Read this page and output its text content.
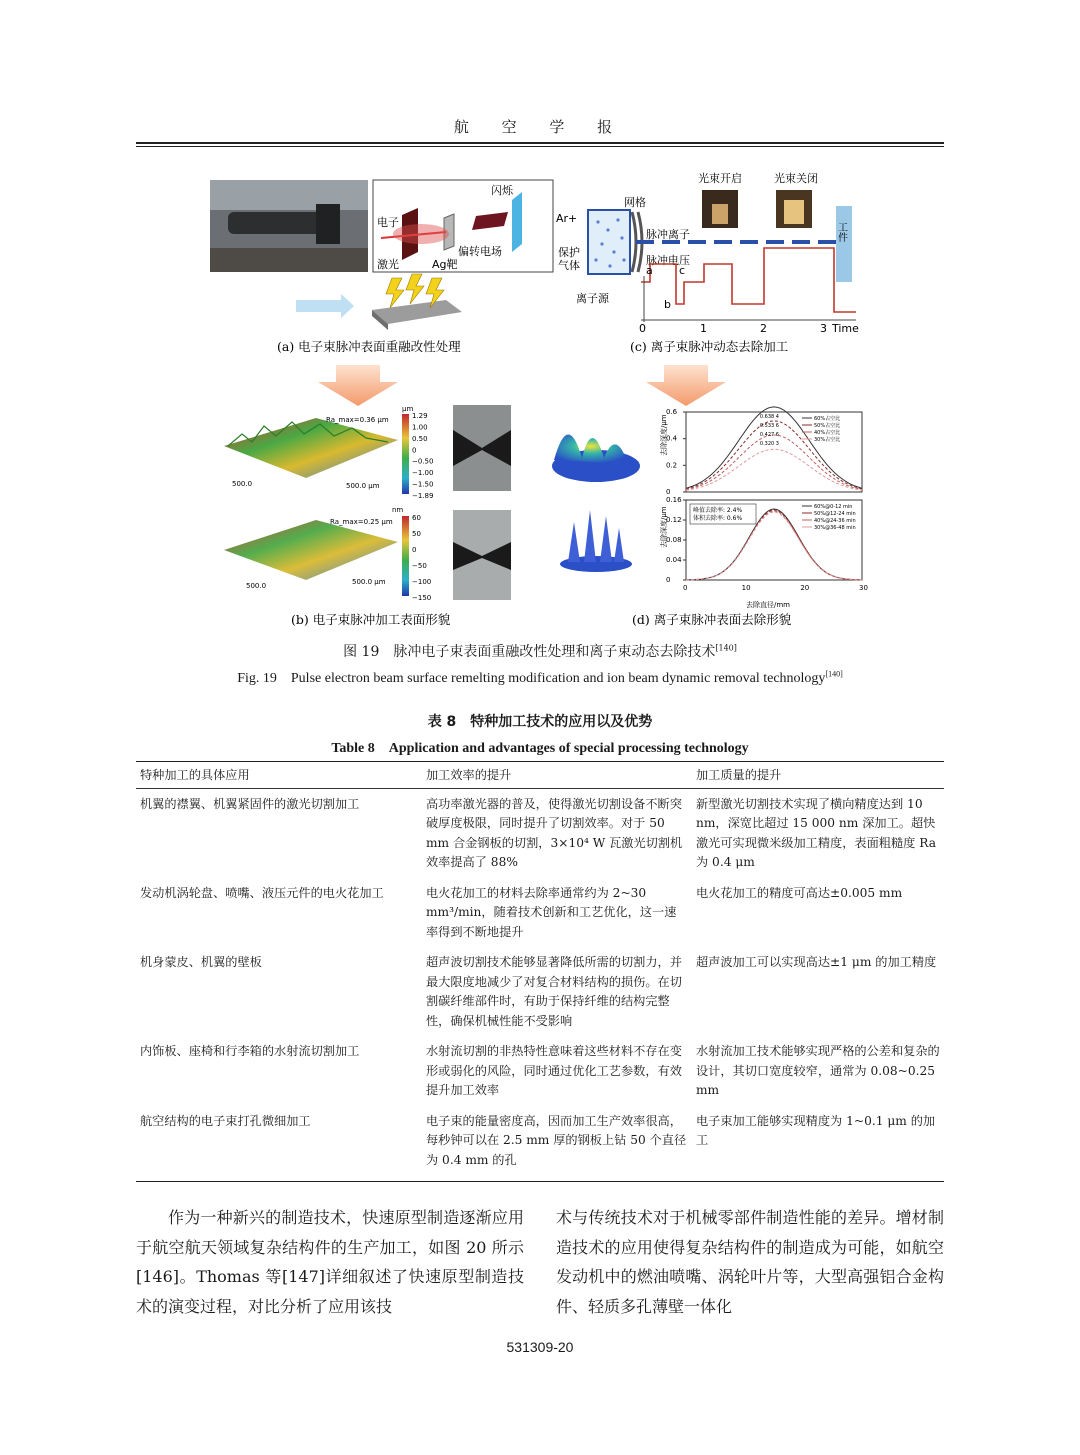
航 空 学 报
闪烁
电子
激光	Ag靶
偏转电场
(a) 电子束脉冲表面重融改性处理
光束开启	光束关闭
Ar+
网格
保护
气体
脉冲离子
脉冲电压
离子源
工件
a
b
c
0	1	2	3 Time
(c) 离子束脉冲动态去除加工
Ra_max=0.36 μm
500.0	500.0 μm
1.29
1.00
0.50
0
−0.50
−1.00
−1.50
−1.89
μm
Ra_max=0.25 μm
500.0	500.0 μm
60
50
0
−50
−100
−150
nm
(b) 电子束脉冲加工表面形貌
0
0.2
0.4
0.6
60%占空比
50%占空比
40%占空比
30%占空比
0.638 4
0.533 6
0.427 6
0.320 3
去除深度/μm
0
0.04
0.08
0.12
0.16
0	10	20	30
60%@0-12 min
50%@12-24 min
40%@24-36 min
30%@36-48 min
峰值去除率: 2.4%
体积去除率: 0.6%
去除深度/μm
去除直径/mm
(d) 离子束脉冲表面去除形貌
图 19　脉冲电子束表面重融改性处理和离子束动态去除技术[140]
Fig. 19　Pulse electron beam surface remelting modification and ion beam dynamic removal technology[140]
表 8　特种加工技术的应用以及优势
Table 8　Application and advantages of special processing technology
特种加工的具体应用	加工效率的提升	加工质量的提升
机翼的襟翼、机翼紧固件的激光切割加工	高功率激光器的普及，使得激光切割设备不断突破厚度极限，同时提升了切割效率。对于 50 mm 合金钢板的切割，3×10⁴ W 瓦激光切割机效率提高了 88%	新型激光切割技术实现了横向精度达到 10 nm，深宽比超过 15 000 nm 深加工。超快激光可实现微米级加工精度，表面粗糙度 Ra 为 0.4 μm
发动机涡轮盘、喷嘴、液压元件的电火花加工	电火花加工的材料去除率通常约为 2~30 mm³/min，随着技术创新和工艺优化，这一速率得到不断地提升	电火花加工的精度可高达±0.005 mm
机身蒙皮、机翼的壁板	超声波切割技术能够显著降低所需的切割力，并最大限度地减少了对复合材料结构的损伤。在切割碳纤维部件时，有助于保持纤维的结构完整性，确保机械性能不受影响	超声波加工可以实现高达±1 μm 的加工精度
内饰板、座椅和行李箱的水射流切割加工	水射流切割的非热特性意味着这些材料不存在变形或弱化的风险，同时通过优化工艺参数，有效提升加工效率	水射流加工技术能够实现严格的公差和复杂的设计，其切口宽度较窄，通常为 0.08~0.25 mm
航空结构的电子束打孔微细加工	电子束的能量密度高，因而加工生产效率很高，每秒钟可以在 2.5 mm 厚的钢板上钻 50 个直径为 0.4 mm 的孔	电子束加工能够实现精度为 1~0.1 μm 的加工
作为一种新兴的制造技术，快速原型制造逐渐应用于航空航天领域复杂结构件的生产加工，如图 20 所示[146]。Thomas 等[147]详细叙述了快速原型制造技术的演变过程，对比分析了应用该技
术与传统技术对于机械零部件制造性能的差异。增材制造技术的应用使得复杂结构件的制造成为可能，如航空发动机中的燃油喷嘴、涡轮叶片等，大型高强铝合金构件、轻质多孔薄壁一体化
531309-20
